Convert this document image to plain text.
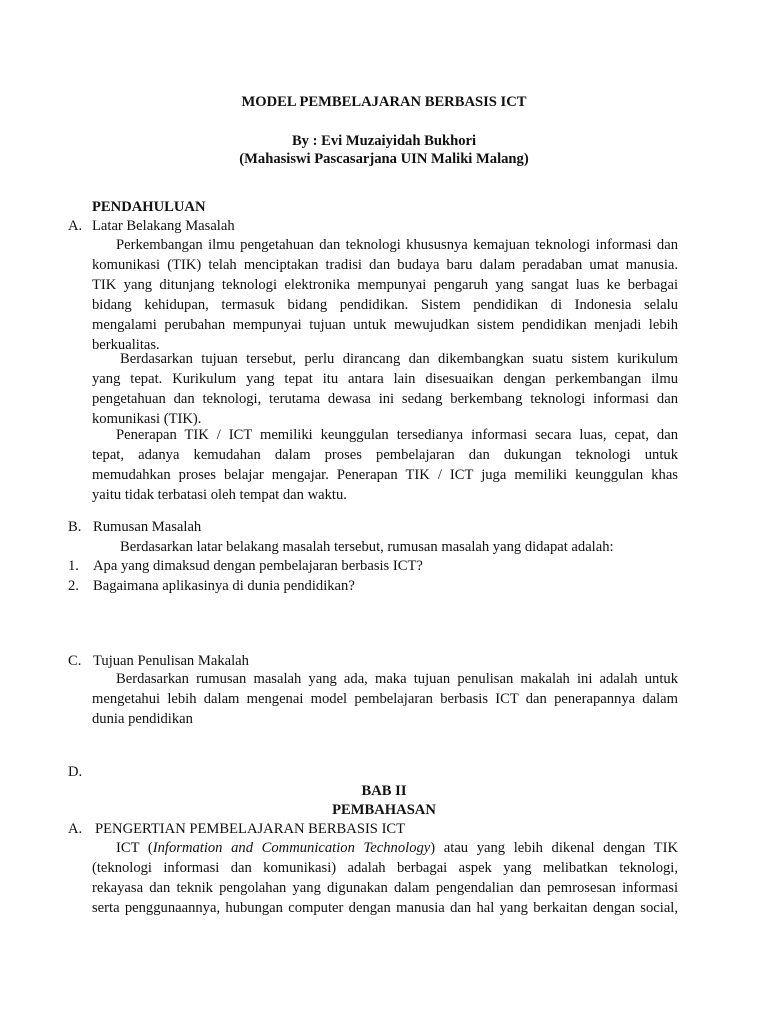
MODEL PEMBELAJARAN BERBASIS ICT
By : Evi Muzaiyidah Bukhori
(Mahasiswi Pascasarjana UIN Maliki Malang)
PENDAHULUAN
A. Latar Belakang Masalah
Perkembangan ilmu pengetahuan dan teknologi khususnya kemajuan teknologi informasi dan
komunikasi (TIK) telah menciptakan tradisi dan budaya baru dalam peradaban umat manusia.
TIK yang ditunjang teknologi elektronika mempunyai pengaruh yang sangat luas ke berbagai
bidang kehidupan, termasuk bidang pendidikan. Sistem pendidikan di Indonesia selalu
mengalami perubahan mempunyai tujuan untuk mewujudkan sistem pendidikan menjadi lebih
berkualitas.
Berdasarkan tujuan tersebut, perlu dirancang dan dikembangkan suatu sistem kurikulum
yang tepat. Kurikulum yang tepat itu antara lain disesuaikan dengan perkembangan ilmu
pengetahuan dan teknologi, terutama dewasa ini sedang berkembang teknologi informasi dan
komunikasi (TIK).
Penerapan TIK / ICT memiliki keunggulan tersedianya informasi secara luas, cepat, dan
tepat, adanya kemudahan dalam proses pembelajaran dan dukungan teknologi untuk
memudahkan proses belajar mengajar. Penerapan TIK / ICT juga memiliki keunggulan khas
yaitu tidak terbatasi oleh tempat dan waktu.
B. Rumusan Masalah
Berdasarkan latar belakang masalah tersebut, rumusan masalah yang didapat adalah:
1. Apa yang dimaksud dengan pembelajaran berbasis ICT?
2. Bagaimana aplikasinya di dunia pendidikan?
C. Tujuan Penulisan Makalah
Berdasarkan rumusan masalah yang ada, maka tujuan penulisan makalah ini adalah untuk
mengetahui lebih dalam mengenai model pembelajaran berbasis ICT dan penerapannya dalam
dunia pendidikan
D.
BAB II
PEMBAHASAN
A. PENGERTIAN PEMBELAJARAN BERBASIS ICT
ICT (Information and Communication Technology) atau yang lebih dikenal dengan TIK
(teknologi informasi dan komunikasi) adalah berbagai aspek yang melibatkan teknologi,
rekayasa dan teknik pengolahan yang digunakan dalam pengendalian dan pemrosesan informasi
serta penggunaannya, hubungan computer dengan manusia dan hal yang berkaitan dengan social,
